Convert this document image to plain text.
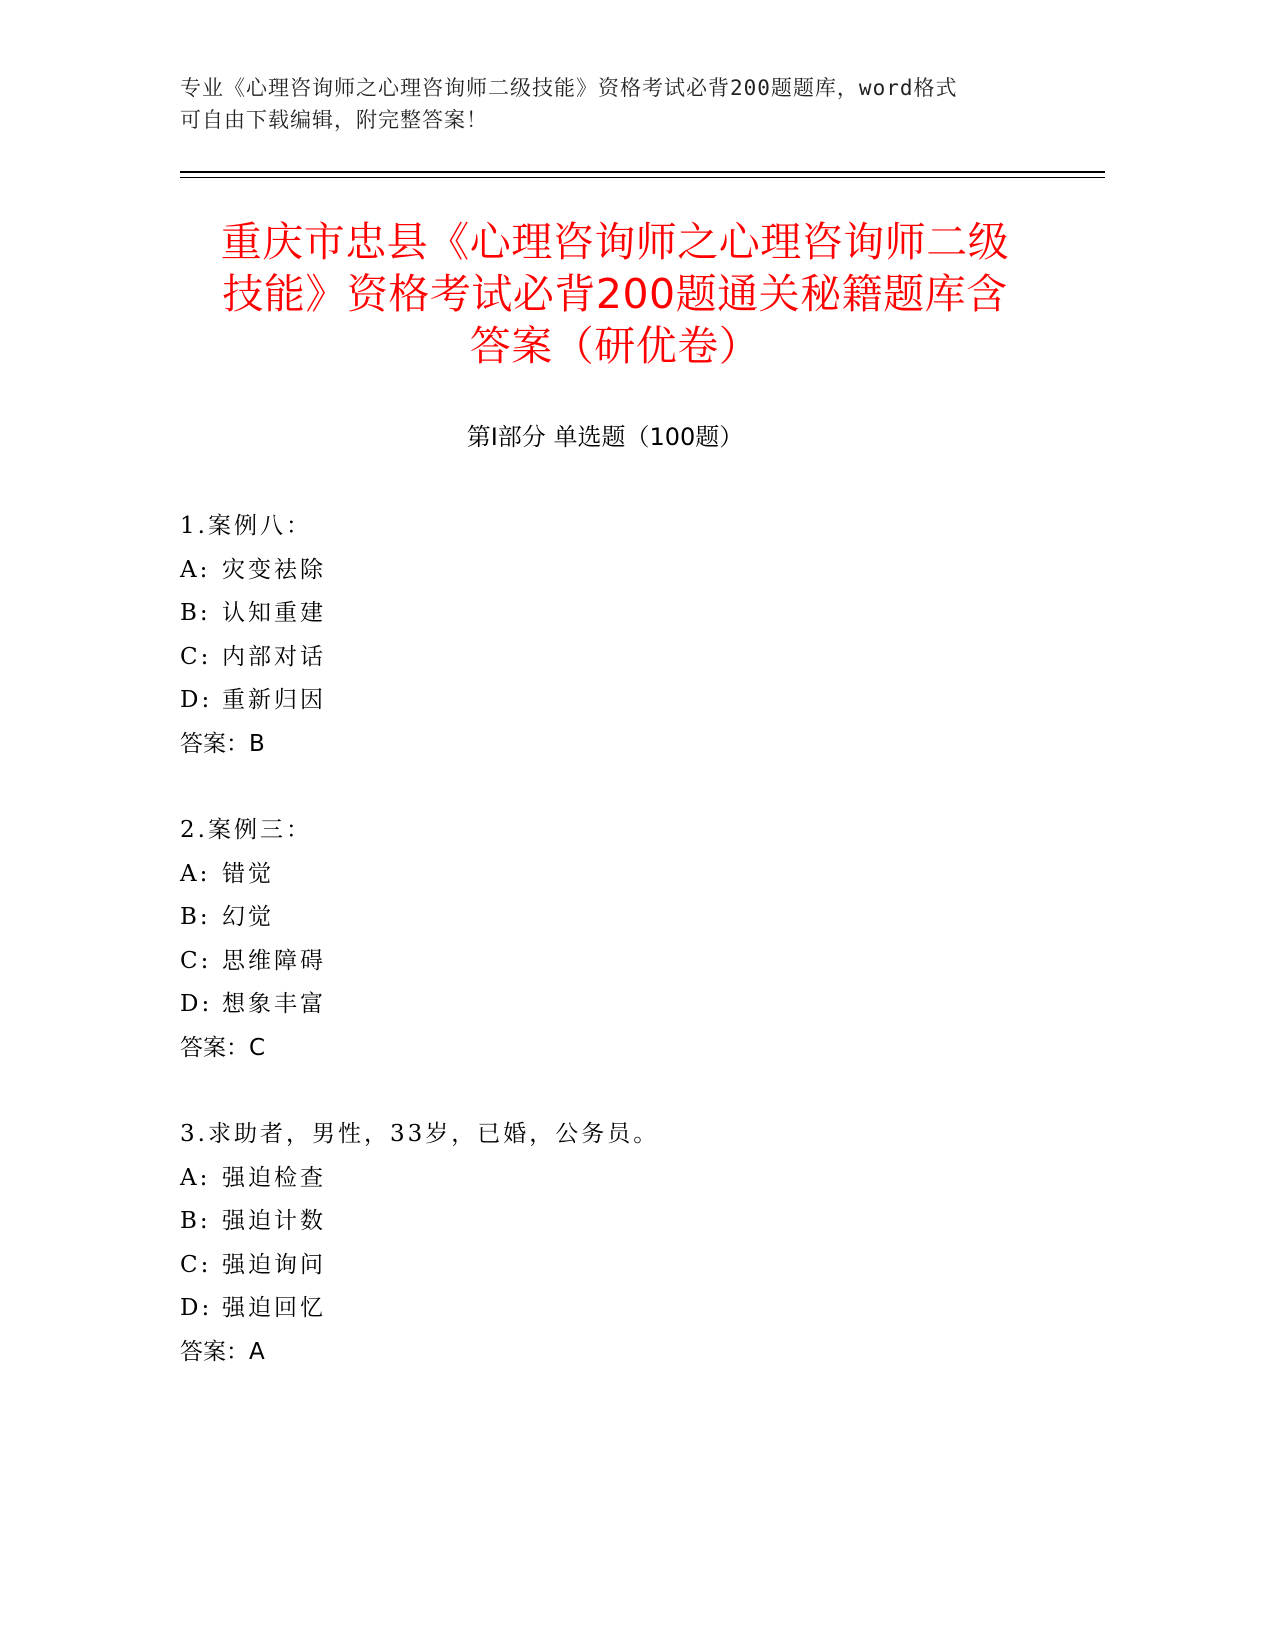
专业《心理咨询师之心理咨询师二级技能》资格考试必背200题题库，word格式
可自由下载编辑，附完整答案！
重庆市忠县《心理咨询师之心理咨询师二级
技能》资格考试必背200题通关秘籍题库含
答案（研优卷）
第Ⅰ部分 单选题（100题）
1.案例八：
A: 灾变祛除
B: 认知重建
C: 内部对话
D: 重新归因
答案：B
2.案例三：
A: 错觉
B: 幻觉
C: 思维障碍
D: 想象丰富
答案：C
3.求助者，男性，33岁，已婚，公务员。
A: 强迫检查
B: 强迫计数
C: 强迫询问
D: 强迫回忆
答案：A
